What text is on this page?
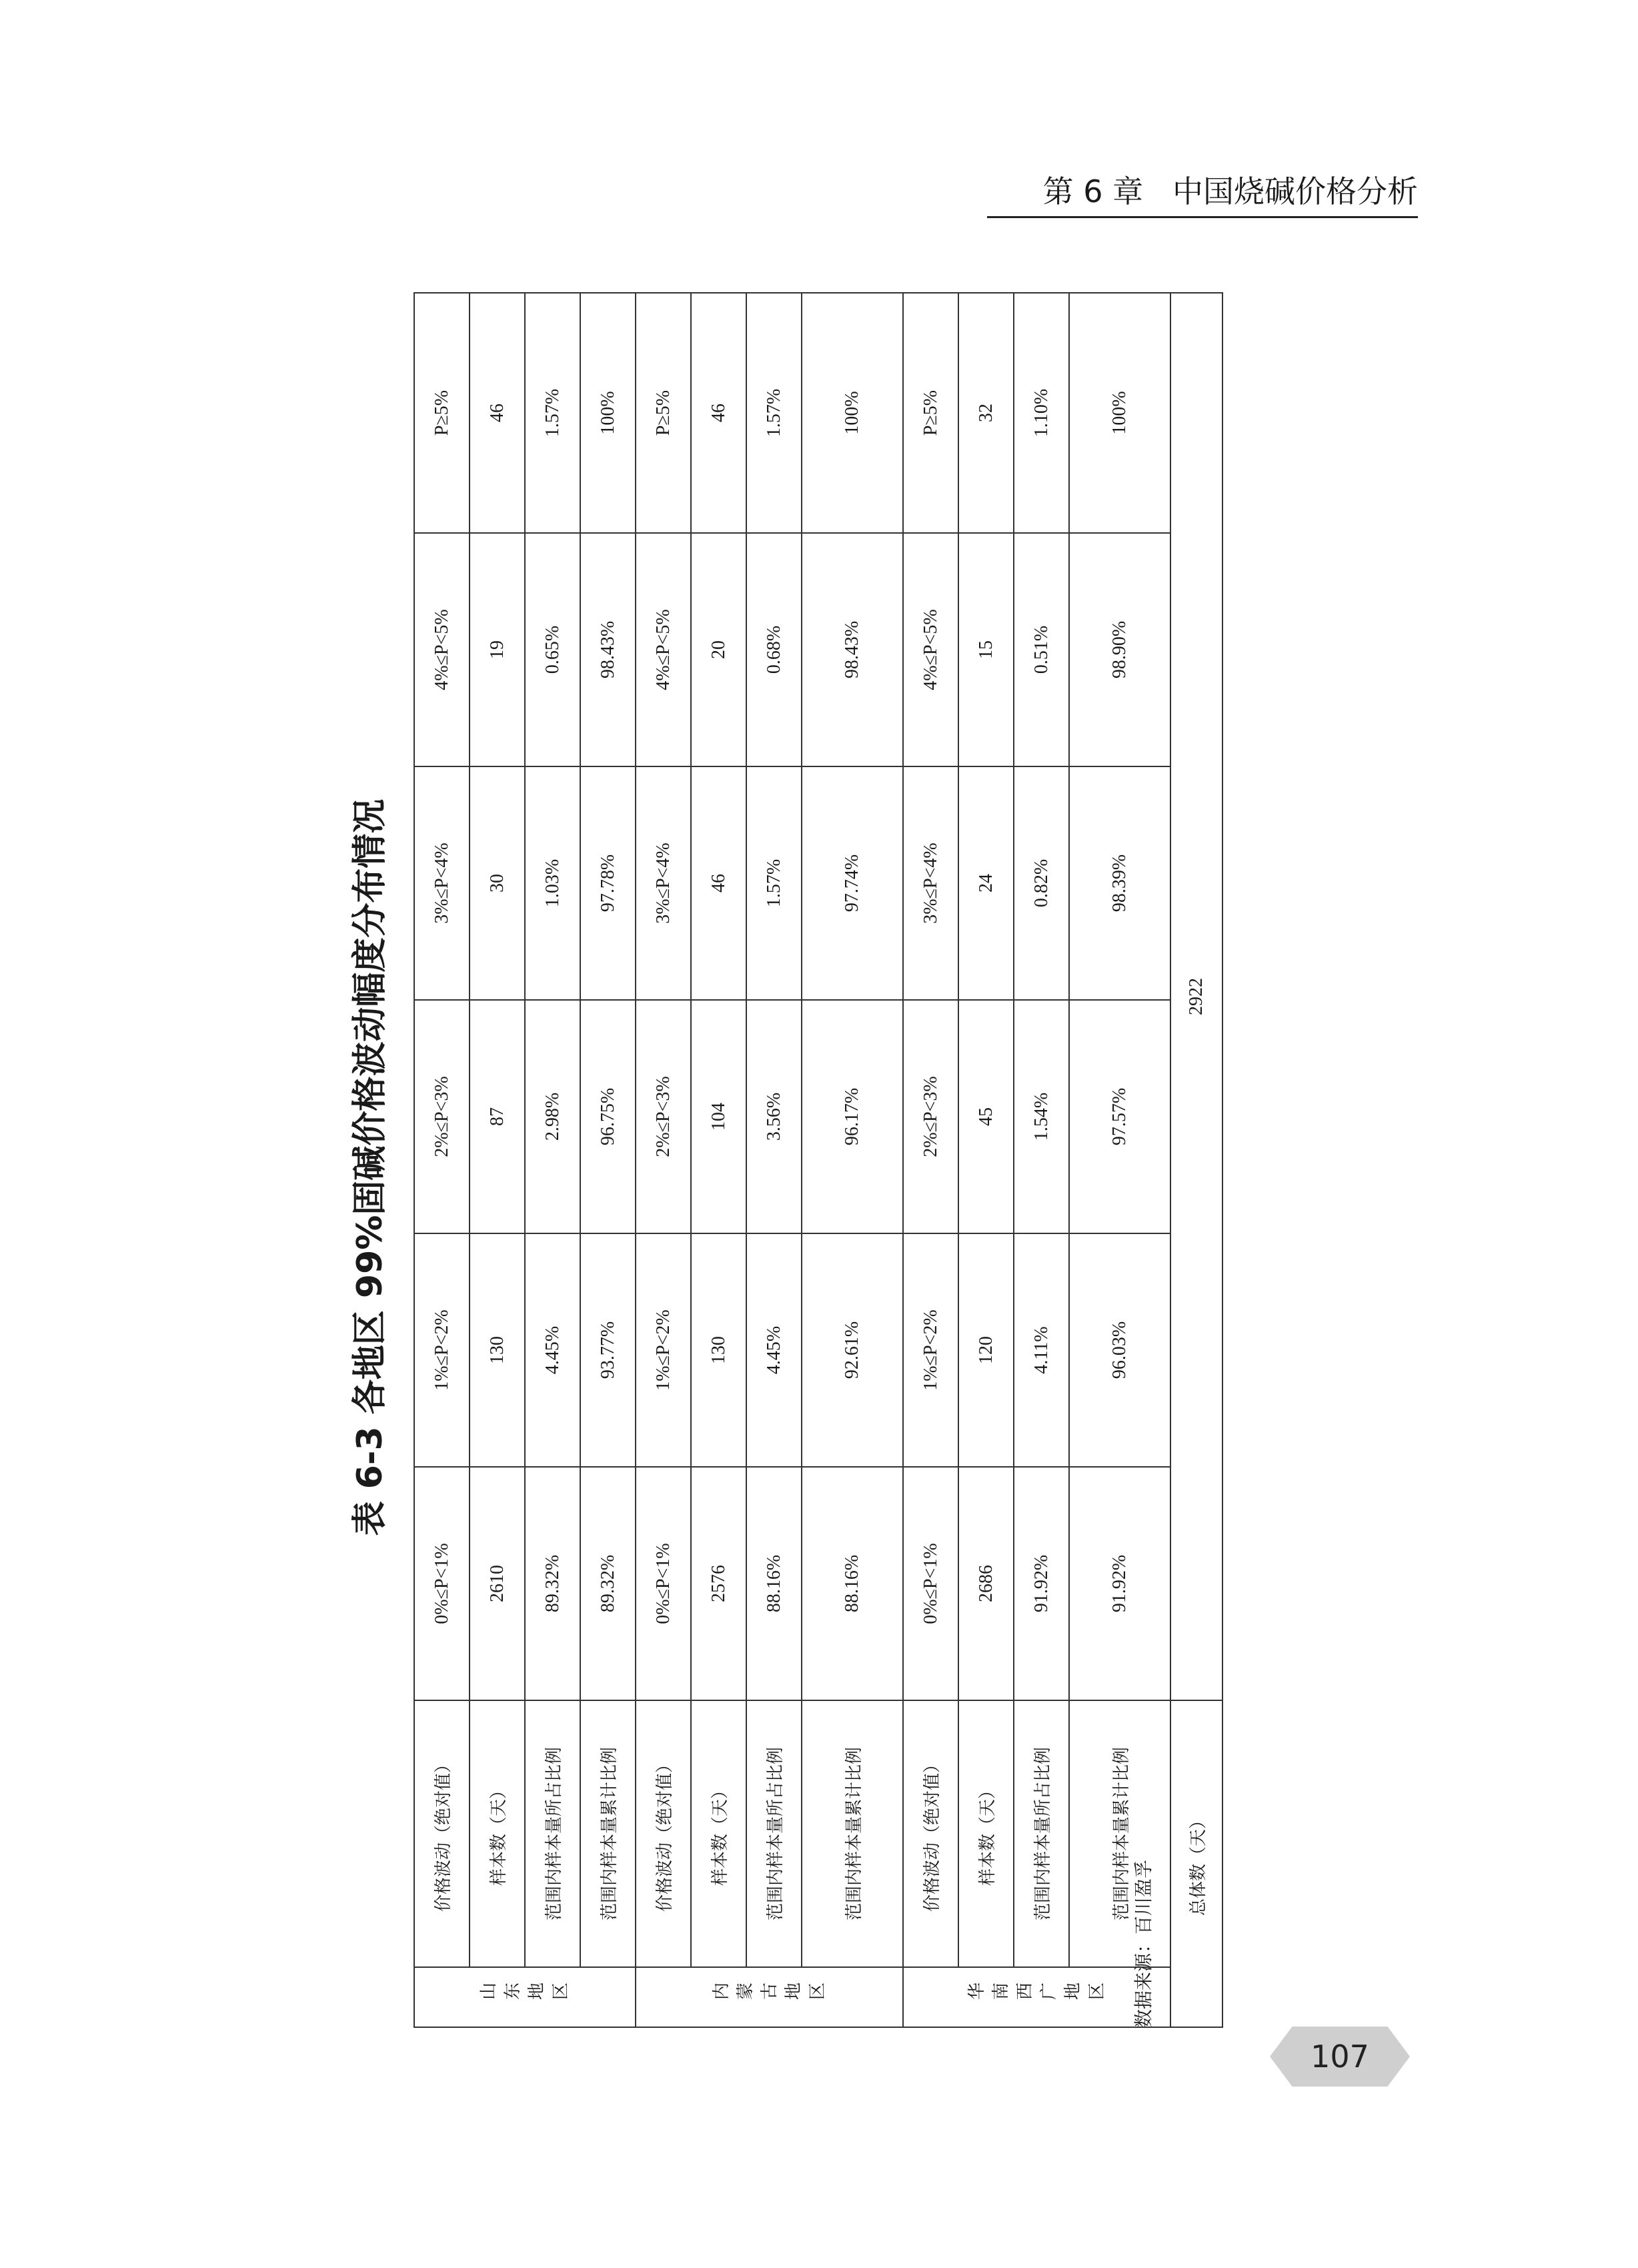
第 6 章   中国烧碱价格分析
表 6-3 各地区 99%固碱价格波动幅度分布情况
山东地区	价格波动（绝对值）	0%≤P<1%	1%≤P<2%	2%≤P<3%	3%≤P<4%	4%≤P<5%	P≥5%
	样本数（天）	2610	130	87	30	19	46
	范围内样本量所占比例	89.32%	4.45%	2.98%	1.03%	0.65%	1.57%
	范围内样本量累计比例	89.32%	93.77%	96.75%	97.78%	98.43%	100%
内蒙古地区	价格波动（绝对值）	0%≤P<1%	1%≤P<2%	2%≤P<3%	3%≤P<4%	4%≤P<5%	P≥5%
	样本数（天）	2576	130	104	46	20	46
	范围内样本量所占比例	88.16%	4.45%	3.56%	1.57%	0.68%	1.57%
	范围内样本量累计比例	88.16%	92.61%	96.17%	97.74%	98.43%	100%
华南西广地区	价格波动（绝对值）	0%≤P<1%	1%≤P<2%	2%≤P<3%	3%≤P<4%	4%≤P<5%	P≥5%
	样本数（天）	2686	120	45	24	15	32
	范围内样本量所占比例	91.92%	4.11%	1.54%	0.82%	0.51%	1.10%
	范围内样本量累计比例	91.92%	96.03%	97.57%	98.39%	98.90%	100%
总体数（天）		2922					
数据来源：百川盈孚
107
